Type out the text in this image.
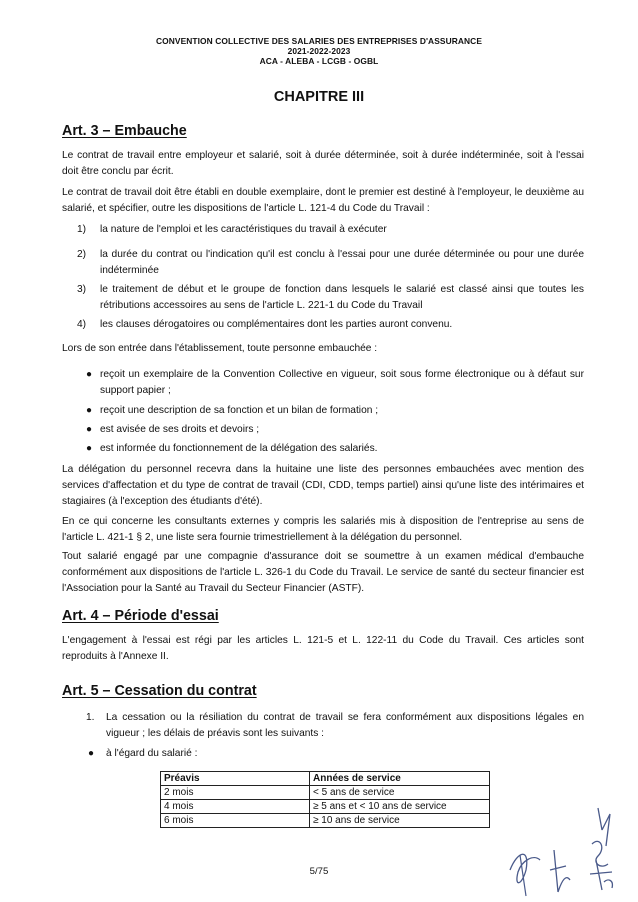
CONVENTION COLLECTIVE DES SALARIES DES ENTREPRISES D'ASSURANCE
2021-2022-2023
ACA - ALEBA - LCGB - OGBL
CHAPITRE III
Art. 3 – Embauche

Le contrat de travail entre employeur et salarié, soit à durée déterminée, soit à durée indéterminée, soit à l'essai doit être conclu par écrit.

Le contrat de travail doit être établi en double exemplaire, dont le premier est destiné à l'employeur, le deuxième au salarié, et spécifier, outre les dispositions de l'article L. 121-4 du Code du Travail :

1) la nature de l'emploi et les caractéristiques du travail à exécuter

2) la durée du contrat ou l'indication qu'il est conclu à l'essai pour une durée déterminée ou pour une durée indéterminée

3) le traitement de début et le groupe de fonction dans lesquels le salarié est classé ainsi que toutes les rétributions accessoires au sens de l'article L. 221-1 du Code du Travail

4) les clauses dérogatoires ou complémentaires dont les parties auront convenu.

Lors de son entrée dans l'établissement, toute personne embauchée :

● reçoit un exemplaire de la Convention Collective en vigueur, soit sous forme électronique ou à défaut sur support papier ;

● reçoit une description de sa fonction et un bilan de formation ;

● est avisée de ses droits et devoirs ;

● est informée du fonctionnement de la délégation des salariés.

La délégation du personnel recevra dans la huitaine une liste des personnes embauchées avec mention des services d'affectation et du type de contrat de travail (CDI, CDD, temps partiel) ainsi qu'une liste des intérimaires et stagiaires (à l'exception des étudiants d'été).

En ce qui concerne les consultants externes y compris les salariés mis à disposition de l'entreprise au sens de l'article L. 421-1 § 2, une liste sera fournie trimestriellement à la délégation du personnel.

Tout salarié engagé par une compagnie d'assurance doit se soumettre à un examen médical d'embauche conformément aux dispositions de l'article L. 326-1 du Code du Travail. Le service de santé du secteur financier est l'Association pour la Santé au Travail du Secteur Financier (ASTF).

Art. 4 – Période d'essai

L'engagement à l'essai est régi par les articles L. 121-5 et L. 122-11 du Code du Travail. Ces articles sont reproduits à l'Annexe II.

Art. 5 – Cessation du contrat
1. La cessation ou la résiliation du contrat de travail se fera conformément aux dispositions légales en vigueur ; les délais de préavis sont les suivants :

● à l'égard du salarié :

Préavis	Années de service
2 mois	< 5 ans de service
4 mois	≥ 5 ans et < 10 ans de service
6 mois	≥ 10 ans de service
5/75
